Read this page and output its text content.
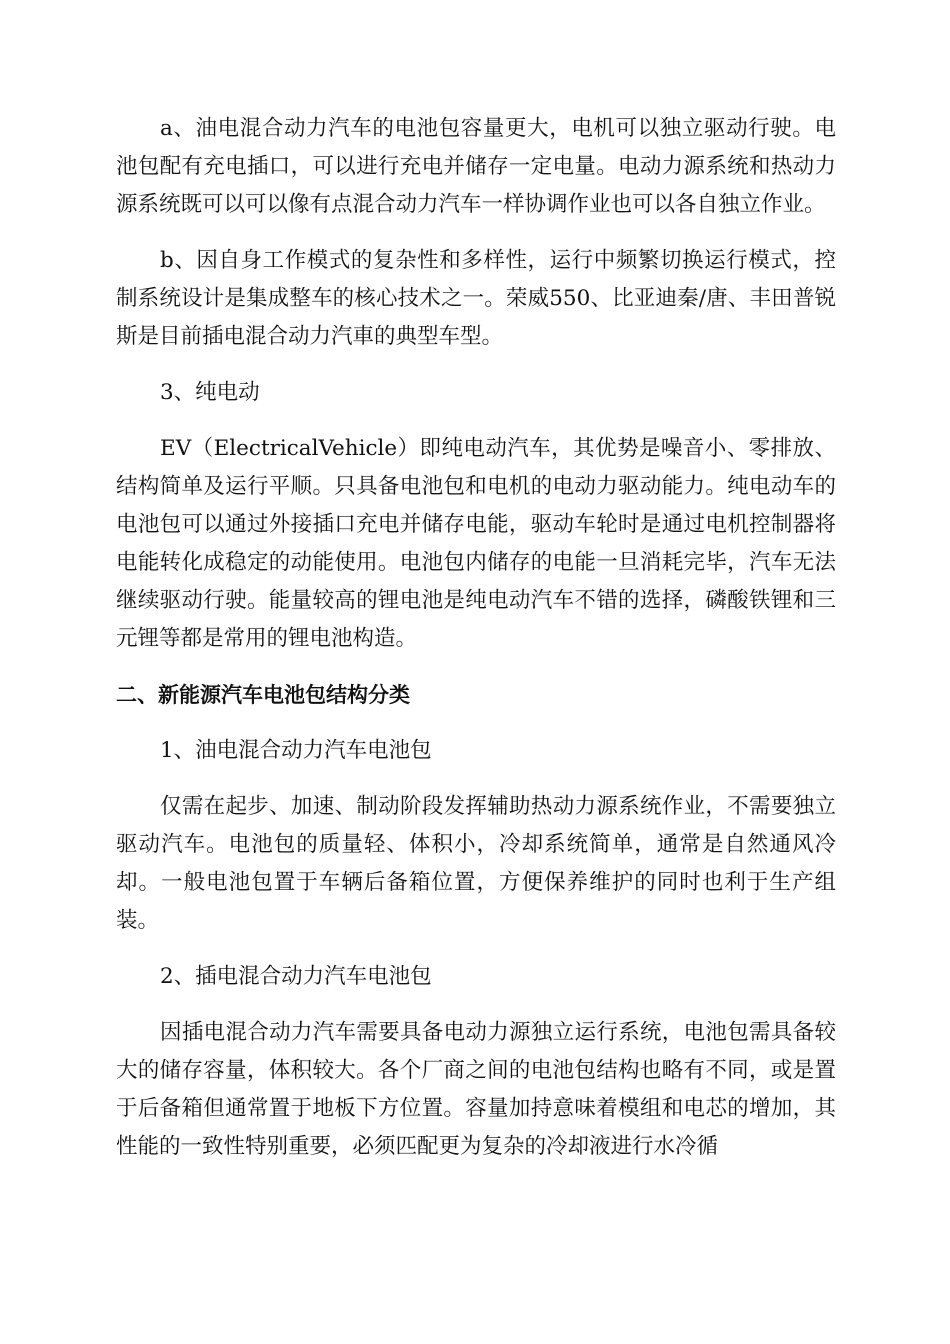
a、油电混合动力汽车的电池包容量更大，电机可以独立驱动行驶。电池包配有充电插口，可以进行充电并储存一定电量。电动力源系统和热动力源系统既可以可以像有点混合动力汽车一样协调作业也可以各自独立作业。

b、因自身工作模式的复杂性和多样性，运行中频繁切换运行模式，控制系统设计是集成整车的核心技术之一。荣威550、比亚迪秦/唐、丰田普锐斯是目前插电混合动力汽車的典型车型。

3、纯电动

EV（ElectricalVehicle）即纯电动汽车，其优势是噪音小、零排放、结构简单及运行平顺。只具备电池包和电机的电动力驱动能力。纯电动车的电池包可以通过外接插口充电并储存电能，驱动车轮时是通过电机控制器将电能转化成稳定的动能使用。电池包内储存的电能一旦消耗完毕，汽车无法继续驱动行驶。能量较高的锂电池是纯电动汽车不错的选择，磷酸铁锂和三元锂等都是常用的锂电池构造。

二、新能源汽车电池包结构分类

1、油电混合动力汽车电池包

仅需在起步、加速、制动阶段发挥辅助热动力源系统作业，不需要独立驱动汽车。电池包的质量轻、体积小，冷却系统简单，通常是自然通风冷却。一般电池包置于车辆后备箱位置，方便保养维护的同时也利于生产组装。

2、插电混合动力汽车电池包

因插电混合动力汽车需要具备电动力源独立运行系统，电池包需具备较大的储存容量，体积较大。各个厂商之间的电池包结构也略有不同，或是置于后备箱但通常置于地板下方位置。容量加持意味着模组和电芯的增加，其性能的一致性特别重要，必须匹配更为复杂的冷却液进行水冷循
